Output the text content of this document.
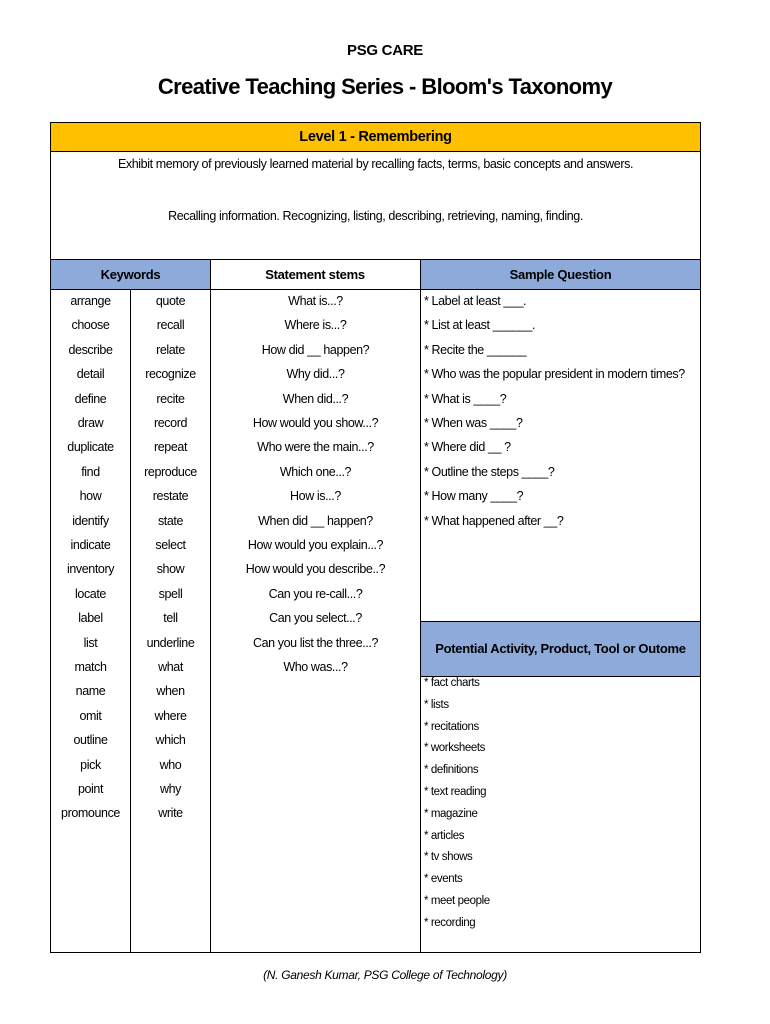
PSG CARE
Creative Teaching Series - Bloom's Taxonomy
Level 1 - Remembering
Exhibit memory of previously learned material by recalling facts, terms, basic concepts and answers.
Recalling information. Recognizing, listing, describing, retrieving, naming, finding.
Keywords	Statement stems	Sample Question
Potential Activity, Product, Tool or Outome
arrange
choose
describe
detail
define
draw
duplicate
find
how
identify
indicate
inventory
locate
label
list
match
name
omit
outline
pick
point
promounce
quote
recall
relate
recognize
recite
record
repeat
reproduce
restate
state
select
show
spell
tell
underline
what
when
where
which
who
why
write
What is...?
Where is...?
How did __ happen?
Why did...?
When did...?
How would you show...?
Who were the main...?
Which one...?
How is...?
When did __ happen?
How would you explain...?
How would you describe..?
Can you re-call...?
Can you select...?
Can you list the three...?
Who was...?
* Label at least ___.
* List at least ______.
* Recite the ______
* Who was the popular president in modern times?
* What is ____?
* When was ____?
* Where did __ ?
* Outline the steps ____?
* How many ____?
* What happened after __?
* fact charts
* lists
* recitations
* worksheets
* definitions
* text reading
* magazine
* articles
* tv shows
* events
* meet people
* recording
(N. Ganesh Kumar, PSG College of Technology)
